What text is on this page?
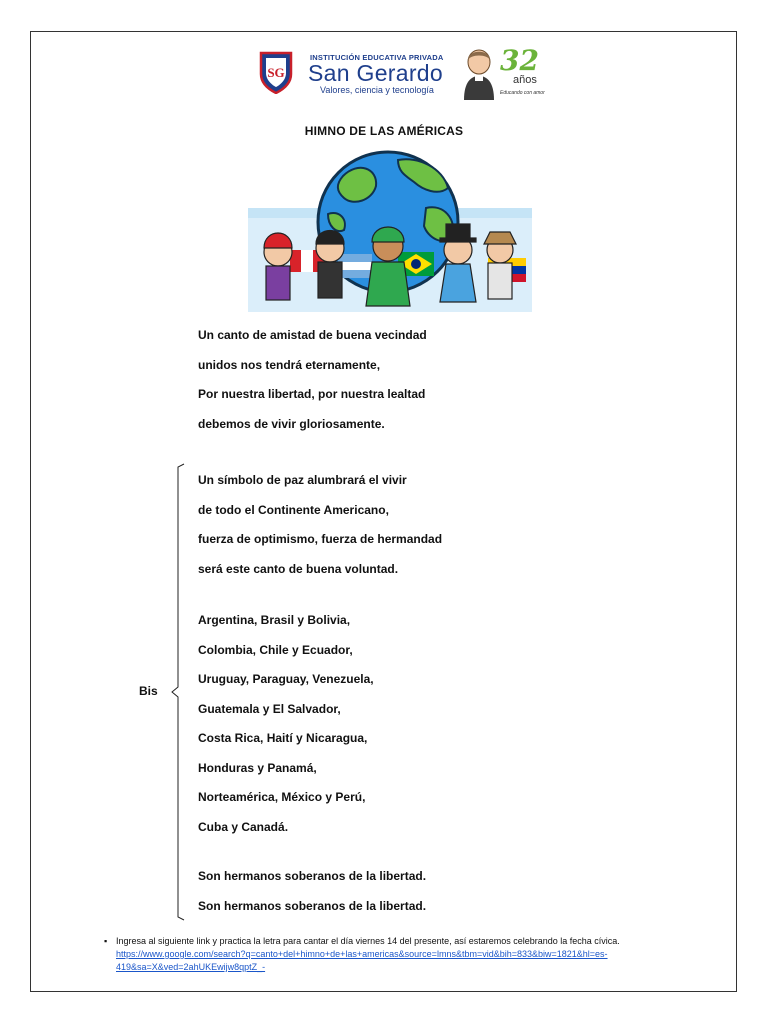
SG
INSTITUCIÓN EDUCATIVA PRIVADA
San Gerardo
Valores, ciencia y tecnología
32
años
Educando con amor
HIMNO DE LAS AMÉRICAS
Un canto de amistad de buena vecindad
unidos nos tendrá eternamente,
Por nuestra libertad, por nuestra lealtad
debemos de vivir gloriosamente.
Bis
Un símbolo de paz alumbrará el vivir
de todo el Continente Americano,
fuerza de optimismo, fuerza de hermandad
será este canto de buena voluntad.
Argentina, Brasil y Bolivia,
Colombia, Chile y Ecuador,
Uruguay, Paraguay, Venezuela,
Guatemala y El Salvador,
Costa Rica, Haití y Nicaragua,
Honduras y Panamá,
Norteamérica, México y Perú,
Cuba y Canadá.
Son hermanos soberanos de la libertad.
Son hermanos soberanos de la libertad.
▪ Ingresa al siguiente link y practica la letra para cantar el día viernes 14 del presente, así estaremos celebrando la fecha cívica.
https://www.google.com/search?q=canto+del+himno+de+las+americas&source=lmns&tbm=vid&bih=833&biw=1821&hl=es-419&sa=X&ved=2ahUKEwijw8qptZ_-
